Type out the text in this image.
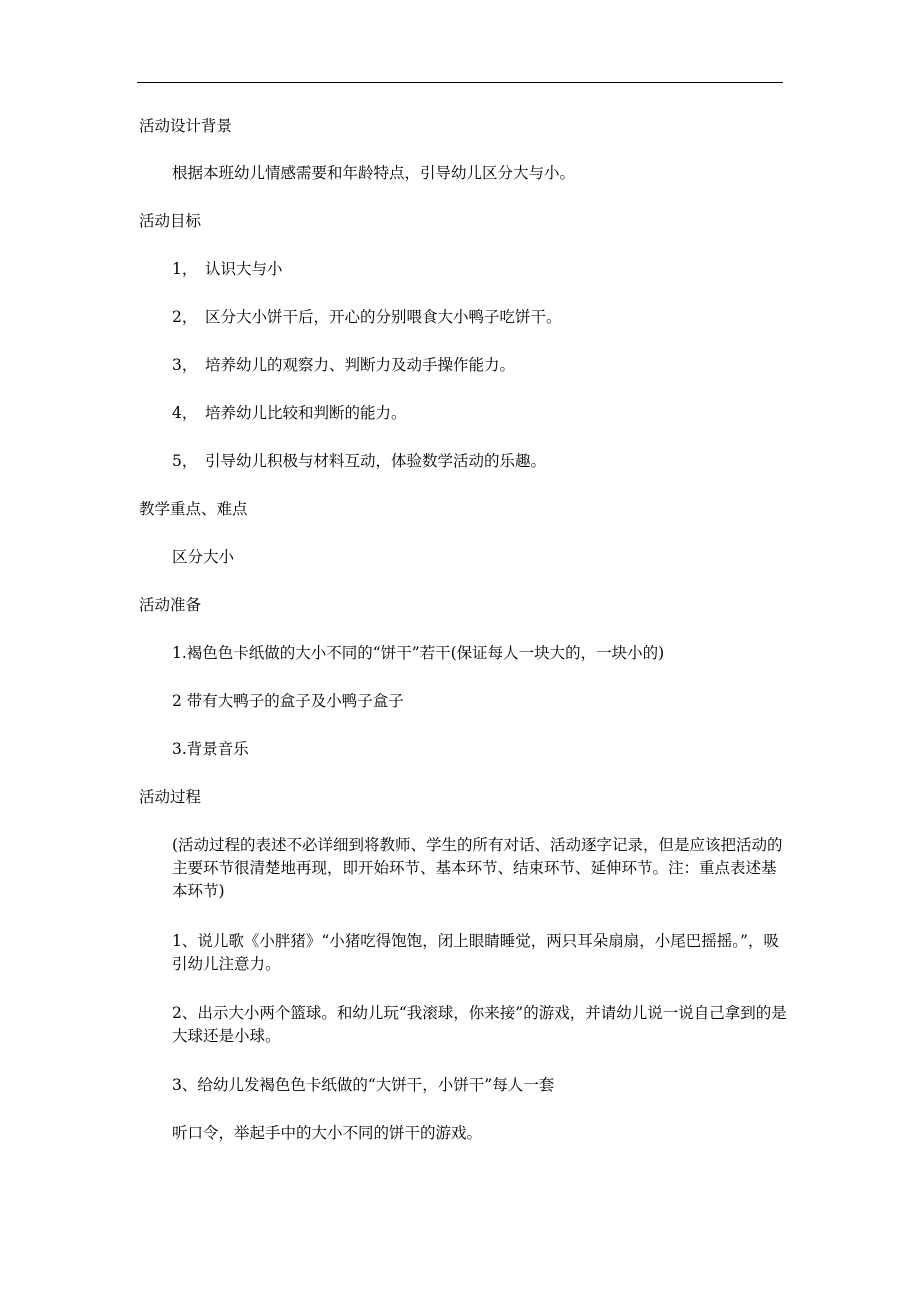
活动设计背景
根据本班幼儿情感需要和年龄特点，引导幼儿区分大与小。
活动目标
1， 认识大与小
2， 区分大小饼干后，开心的分别喂食大小鸭子吃饼干。
3， 培养幼儿的观察力、判断力及动手操作能力。
4， 培养幼儿比较和判断的能力。
5， 引导幼儿积极与材料互动，体验数学活动的乐趣。
教学重点、难点
区分大小
活动准备
1.褐色色卡纸做的大小不同的“饼干”若干(保证每人一块大的，一块小的)
2 带有大鸭子的盒子及小鸭子盒子
3.背景音乐
活动过程
(活动过程的表述不必详细到将教师、学生的所有对话、活动逐字记录，但是应该把活动的主要环节很清楚地再现，即开始环节、基本环节、结束环节、延伸环节。注：重点表述基本环节)
1、说儿歌《小胖猪》“小猪吃得饱饱，闭上眼睛睡觉，两只耳朵扇扇，小尾巴摇摇。”，吸引幼儿注意力。
2、出示大小两个篮球。和幼儿玩“我滚球，你来接”的游戏，并请幼儿说一说自己拿到的是大球还是小球。
3、给幼儿发褐色色卡纸做的“大饼干，小饼干”每人一套
听口令，举起手中的大小不同的饼干的游戏。
